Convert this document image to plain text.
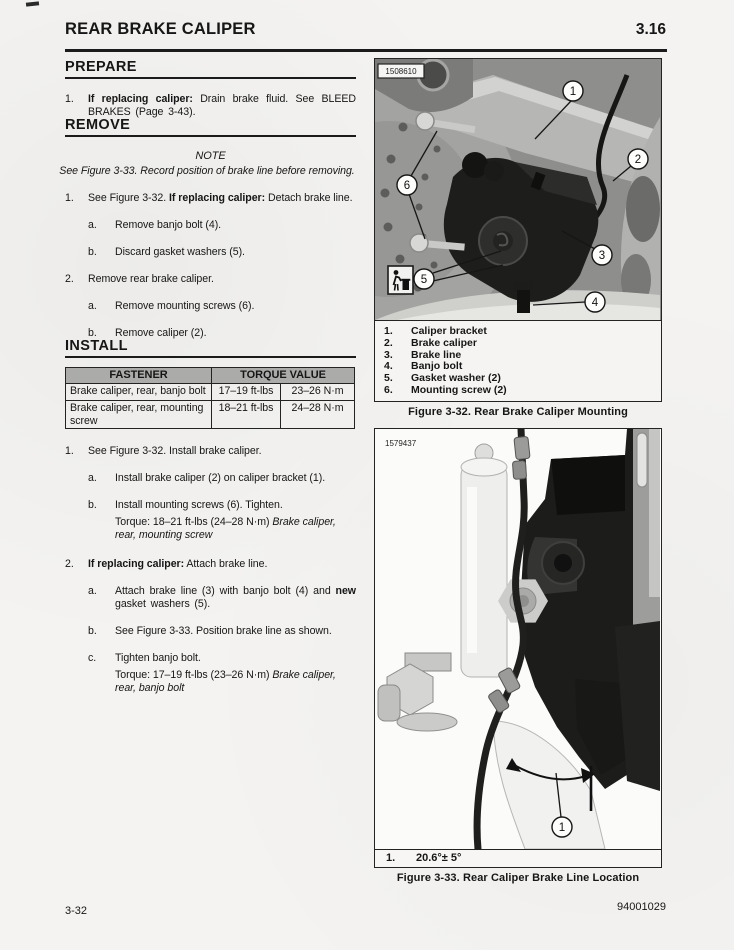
REAR BRAKE CALIPER	3.16
PREPARE
1.	If replacing caliper: Drain brake fluid. See BLEED BRAKES (Page 3-43).
REMOVE
NOTE
See Figure 3-33. Record position of brake line before removing.
1.	See Figure 3-32. If replacing caliper: Detach brake line.
a.	Remove banjo bolt (4).
b.	Discard gasket washers (5).
2.	Remove rear brake caliper.
a.	Remove mounting screws (6).
b.	Remove caliper (2).
INSTALL
FASTENER	TORQUE VALUE	
Brake caliper, rear, banjo bolt	17–19 ft-lbs	23–26 N·m
Brake caliper, rear, mounting screw	18–21 ft-lbs	24–28 N·m
1.	See Figure 3-32. Install brake caliper.
a.	Install brake caliper (2) on caliper bracket (1).
b.	Install mounting screws (6). Tighten.
Torque: 18–21 ft-lbs (24–28 N·m) Brake caliper, rear, mounting screw
2.	If replacing caliper: Attach brake line.
a.	Attach brake line (3) with banjo bolt (4) and new gasket washers (5).
b.	See Figure 3-33. Position brake line as shown.
c.	Tighten banjo bolt.
Torque: 17–19 ft-lbs (23–26 N·m) Brake caliper, rear, banjo bolt
1508610
1
2
3
4
5
6
1.	Caliper bracket
2.	Brake caliper
3.	Brake line
4.	Banjo bolt
5.	Gasket washer (2)
6.	Mounting screw (2)
Figure 3-32. Rear Brake Caliper Mounting
1579437
1
1.	20.6°± 5°
Figure 3-33. Rear Caliper Brake Line Location
3-32	94001029
